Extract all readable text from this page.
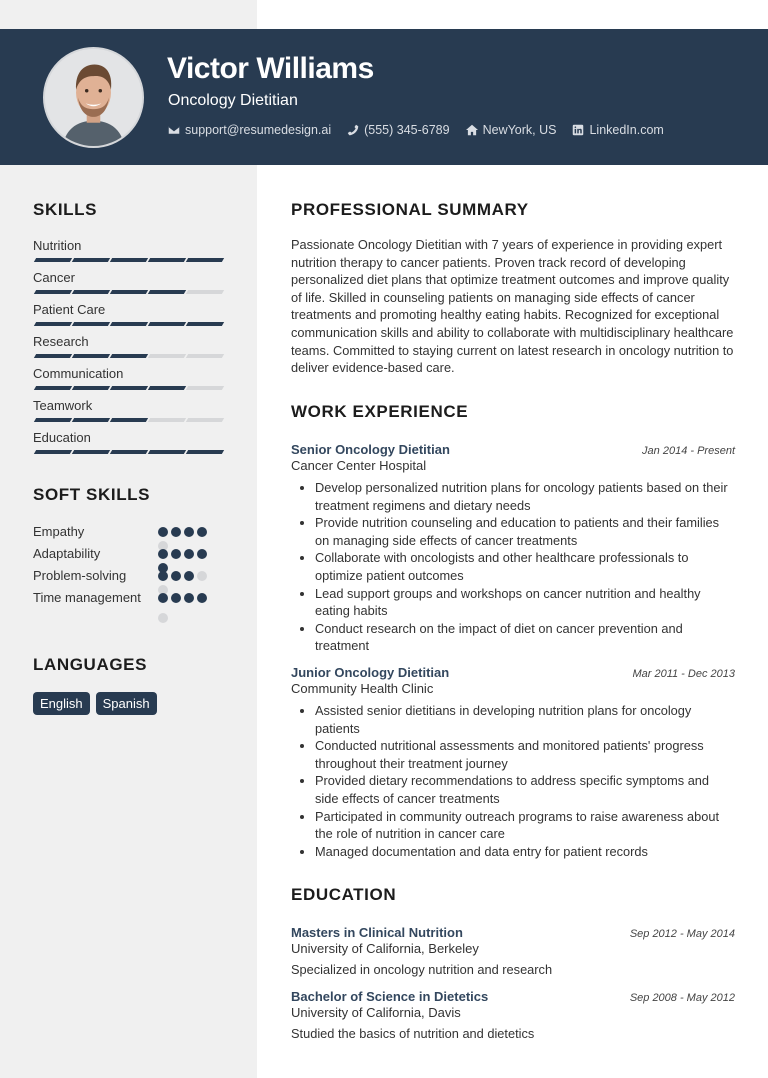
Victor Williams
Oncology Dietitian
support@resumedesign.ai	(555) 345-6789	NewYork, US	LinkedIn.com
SKILLS
Nutrition
Cancer
Patient Care
Research
Communication
Teamwork
Education
SOFT SKILLS
Empathy
Adaptability
Problem-solving
Time management
LANGUAGES
English	Spanish
PROFESSIONAL SUMMARY

Passionate Oncology Dietitian with 7 years of experience in providing expert nutrition therapy to cancer patients. Proven track record of developing personalized diet plans that optimize treatment outcomes and improve quality of life. Skilled in counseling patients on managing side effects of cancer treatments and promoting healthy eating habits. Recognized for exceptional communication skills and ability to collaborate with multidisciplinary healthcare teams. Committed to staying current on latest research in oncology nutrition to deliver evidence-based care.

WORK EXPERIENCE
Senior Oncology Dietitian	Jan 2014 - Present
Cancer Center Hospital
• Develop personalized nutrition plans for oncology patients based on their treatment regimens and dietary needs
• Provide nutrition counseling and education to patients and their families on managing side effects of cancer treatments
• Collaborate with oncologists and other healthcare professionals to optimize patient outcomes
• Lead support groups and workshops on cancer nutrition and healthy eating habits
• Conduct research on the impact of diet on cancer prevention and treatment
Junior Oncology Dietitian	Mar 2011 - Dec 2013
Community Health Clinic
• Assisted senior dietitians in developing nutrition plans for oncology patients
• Conducted nutritional assessments and monitored patients' progress throughout their treatment journey
• Provided dietary recommendations to address specific symptoms and side effects of cancer treatments
• Participated in community outreach programs to raise awareness about the role of nutrition in cancer care
• Managed documentation and data entry for patient records
EDUCATION
Masters in Clinical Nutrition	Sep 2012 - May 2014
University of California, Berkeley
Specialized in oncology nutrition and research
Bachelor of Science in Dietetics	Sep 2008 - May 2012
University of California, Davis
Studied the basics of nutrition and dietetics
